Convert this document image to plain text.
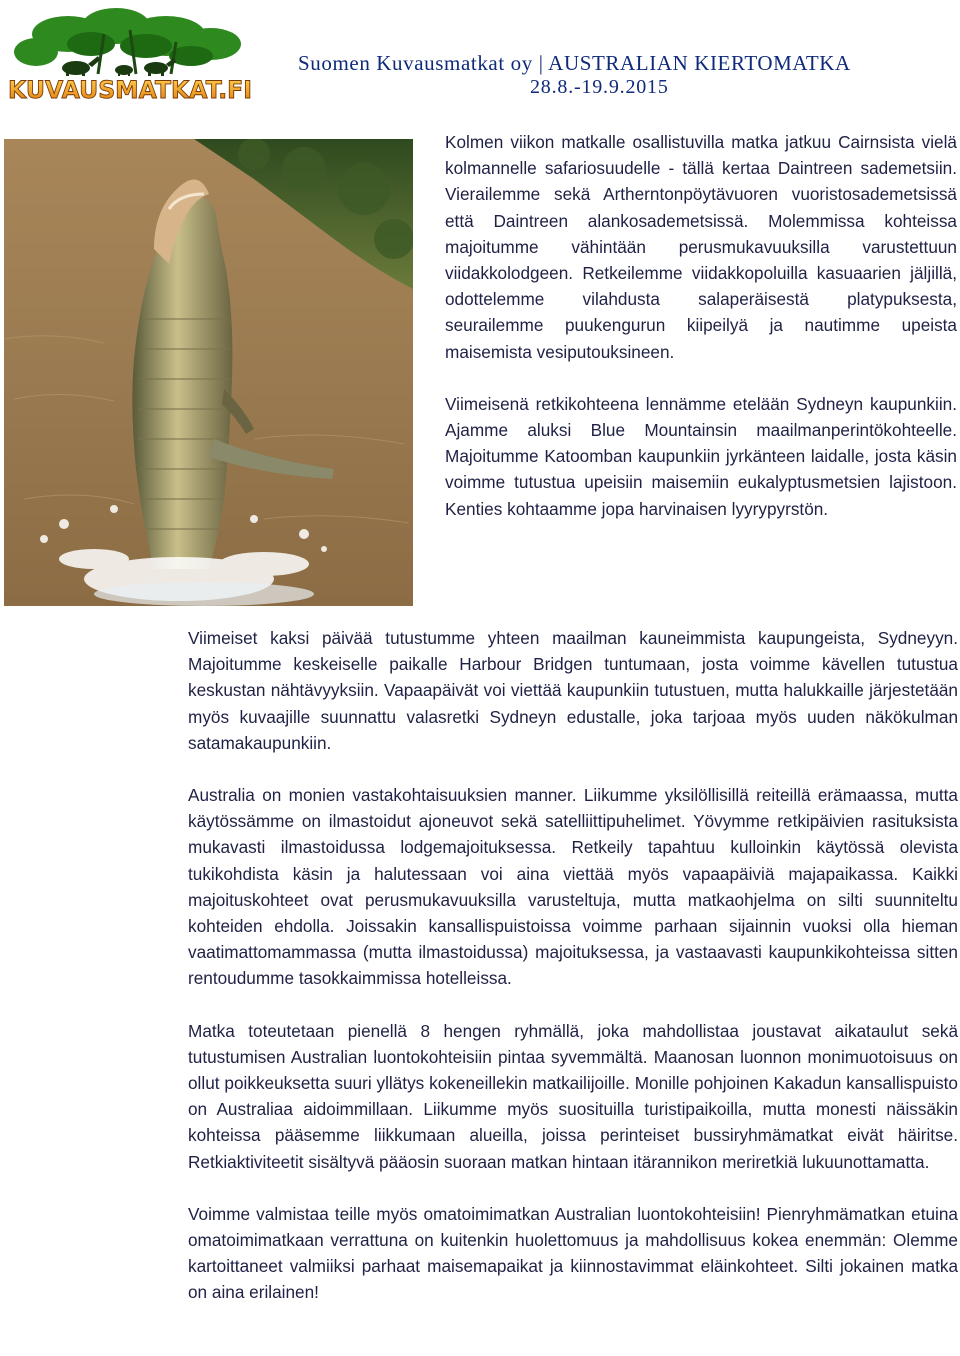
KUVAUSMATKAT.FI
Suomen Kuvausmatkat oy | AUSTRALIAN KIERTOMATKA
28.8.-19.9.2015

Kolmen viikon matkalle osallistuvilla matka jatkuu Cairnsista vielä kolmannelle safariosuudelle - tällä kertaa Daintreen sademetsiin. Vierailemme sekä Artherntonpöytävuoren vuoristosademetsissä että Daintreen alankosademetsissä. Molemmissa kohteissa majoitumme vähintään perusmukavuuksilla varustettuun viidakkolodgeen. Retkeilemme viidakkopoluilla kasuaarien jäljillä, odottelemme vilahdusta salaperäisestä platypuksesta, seurailemme puukengurun kiipeilyä ja nautimme upeista maisemista vesiputouksineen.

Viimeisenä retkikohteena lennämme etelään Sydneyn kaupunkiin. Ajamme aluksi Blue Mountainsin maailmanperintökohteelle. Majoitumme Katoomban kaupunkiin jyrkänteen laidalle, josta käsin voimme tutustua upeisiin maisemiin eukalyptusmetsien lajistoon. Kenties kohtaamme jopa harvinaisen lyyrypyrstön.

Viimeiset kaksi päivää tutustumme yhteen maailman kauneimmista kaupungeista, Sydneyyn. Majoitumme keskeiselle paikalle Harbour Bridgen tuntumaan, josta voimme kävellen tutustua keskustan nähtävyyksiin. Vapaapäivät voi viettää kaupunkiin tutustuen, mutta halukkaille järjestetään myös kuvaajille suunnattu valasretki Sydneyn edustalle, joka tarjoaa myös uuden näkökulman satamakaupunkiin.

Australia on monien vastakohtaisuuksien manner. Liikumme yksilöllisillä reiteillä erämaassa, mutta käytössämme on ilmastoidut ajoneuvot sekä satelliittipuhelimet. Yövymme retkipäivien rasituksista mukavasti ilmastoidussa lodgemajoituksessa. Retkeily tapahtuu kulloinkin käytössä olevista tukikohdista käsin ja halutessaan voi aina viettää myös vapaapäiviä majapaikassa. Kaikki majoituskohteet ovat perusmukavuuksilla varusteltuja, mutta matkaohjelma on silti suunniteltu kohteiden ehdolla. Joissakin kansallispuistoissa voimme parhaan sijainnin vuoksi olla hieman vaatimattomammassa (mutta ilmastoidussa) majoituksessa, ja vastaavasti kaupunkikohteissa sitten rentoudumme tasokkaimmissa hotelleissa.

Matka toteutetaan pienellä 8 hengen ryhmällä, joka mahdollistaa joustavat aikataulut sekä tutustumisen Australian luontokohteisiin pintaa syvemmältä. Maanosan luonnon monimuotoisuus on ollut poikkeuksetta suuri yllätys kokeneillekin matkailijoille. Monille pohjoinen Kakadun kansallispuisto on Australiaa aidoimmillaan. Liikumme myös suosituilla turistipaikoilla, mutta monesti näissäkin kohteissa pääsemme liikkumaan alueilla, joissa perinteiset bussiryhmämatkat eivät häiritse. Retkiaktiviteetit sisältyvä pääosin suoraan matkan hintaan itärannikon meriretkiä lukuunottamatta.

Voimme valmistaa teille myös omatoimimatkan Australian luontokohteisiin! Pienryhmämatkan etuina omatoimimatkaan verrattuna on kuitenkin huolettomuus ja mahdollisuus kokea enemmän: Olemme kartoittaneet valmiiksi parhaat maisemapaikat ja kiinnostavimmat eläinkohteet. Silti jokainen matka on aina erilainen!
